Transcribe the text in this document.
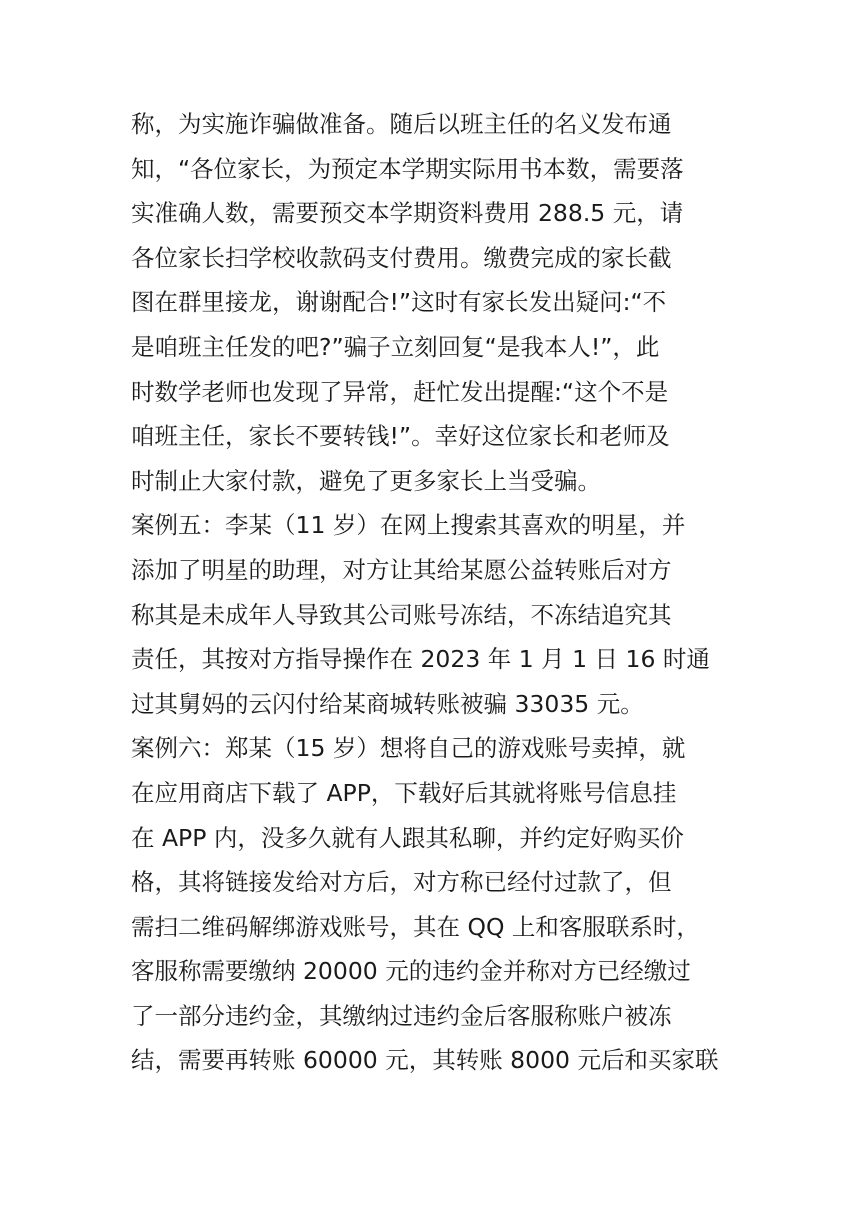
称，为实施诈骗做准备。随后以班主任的名义发布通
知，“各位家长，为预定本学期实际用书本数，需要落
实准确人数，需要预交本学期资料费用 288.5 元，请
各位家长扫学校收款码支付费用。缴费完成的家长截
图在群里接龙，谢谢配合!”这时有家长发出疑问:“不
是咱班主任发的吧?”骗子立刻回复“是我本人!”，此
时数学老师也发现了异常，赶忙发出提醒:“这个不是
咱班主任，家长不要转钱!”。幸好这位家长和老师及
时制止大家付款，避免了更多家长上当受骗。
案例五：李某（11 岁）在网上搜索其喜欢的明星，并
添加了明星的助理，对方让其给某愿公益转账后对方
称其是未成年人导致其公司账号冻结，不冻结追究其
责任，其按对方指导操作在 2023 年 1 月 1 日 16 时通
过其舅妈的云闪付给某商城转账被骗 33035 元。
案例六：郑某（15 岁）想将自己的游戏账号卖掉，就
在应用商店下载了 APP，下载好后其就将账号信息挂
在 APP 内，没多久就有人跟其私聊，并约定好购买价
格，其将链接发给对方后，对方称已经付过款了，但
需扫二维码解绑游戏账号，其在 QQ 上和客服联系时，
客服称需要缴纳 20000 元的违约金并称对方已经缴过
了一部分违约金，其缴纳过违约金后客服称账户被冻
结，需要再转账 60000 元，其转账 8000 元后和买家联
